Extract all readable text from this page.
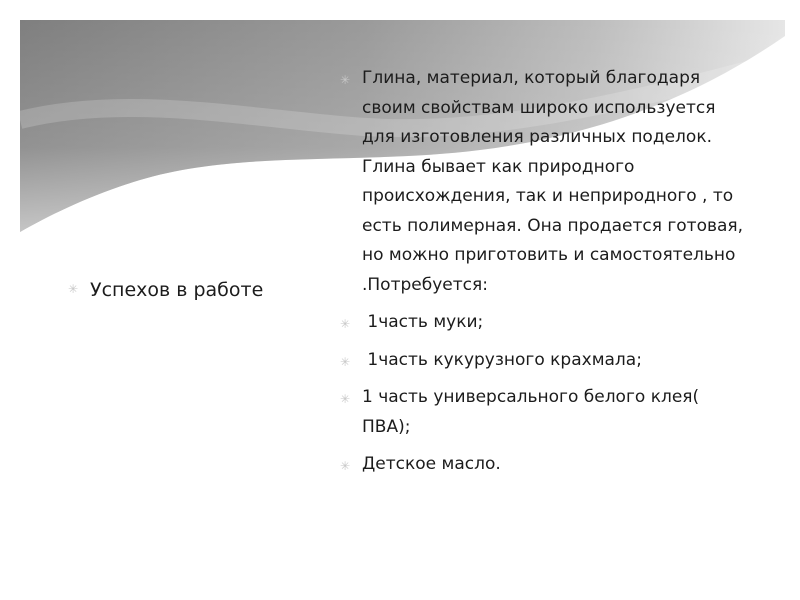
✳ Успехов в работе
✳ Глина, материал, который благодаря своим свойствам широко используется для изготовления различных поделок. Глина бывает как природного происхождения, так и неприродного , то есть полимерная. Она продается готовая, но можно приготовить и самостоятельно .Потребуется:
✳ 1часть муки;
✳ 1часть кукурузного крахмала;
✳ 1 часть универсального белого клея( ПВА);
✳ Детское масло.
